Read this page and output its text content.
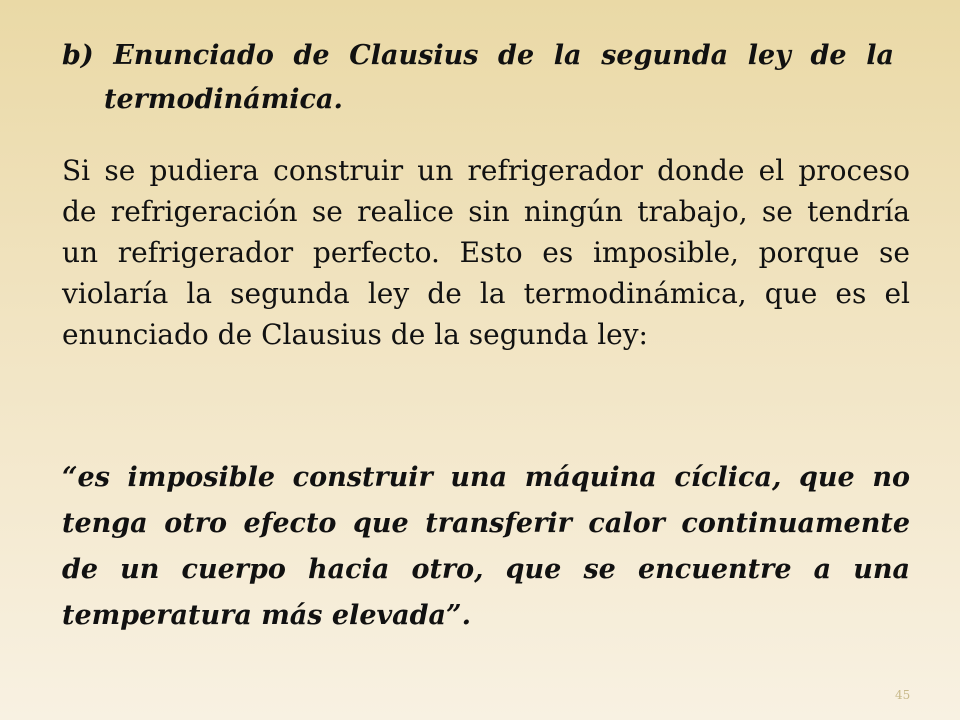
b) Enunciado de Clausius de la segunda ley de la
termodinámica.

Si se pudiera construir un refrigerador donde el proceso de refrigeración se realice sin ningún trabajo, se tendría un refrigerador perfecto. Esto es imposible, porque se violaría la segunda ley de la termodinámica, que es el enunciado de Clausius de la segunda ley:

“es imposible construir una máquina cíclica, que no tenga otro efecto que transferir calor continuamente de un cuerpo hacia otro, que se encuentre a una temperatura más elevada”.

45
